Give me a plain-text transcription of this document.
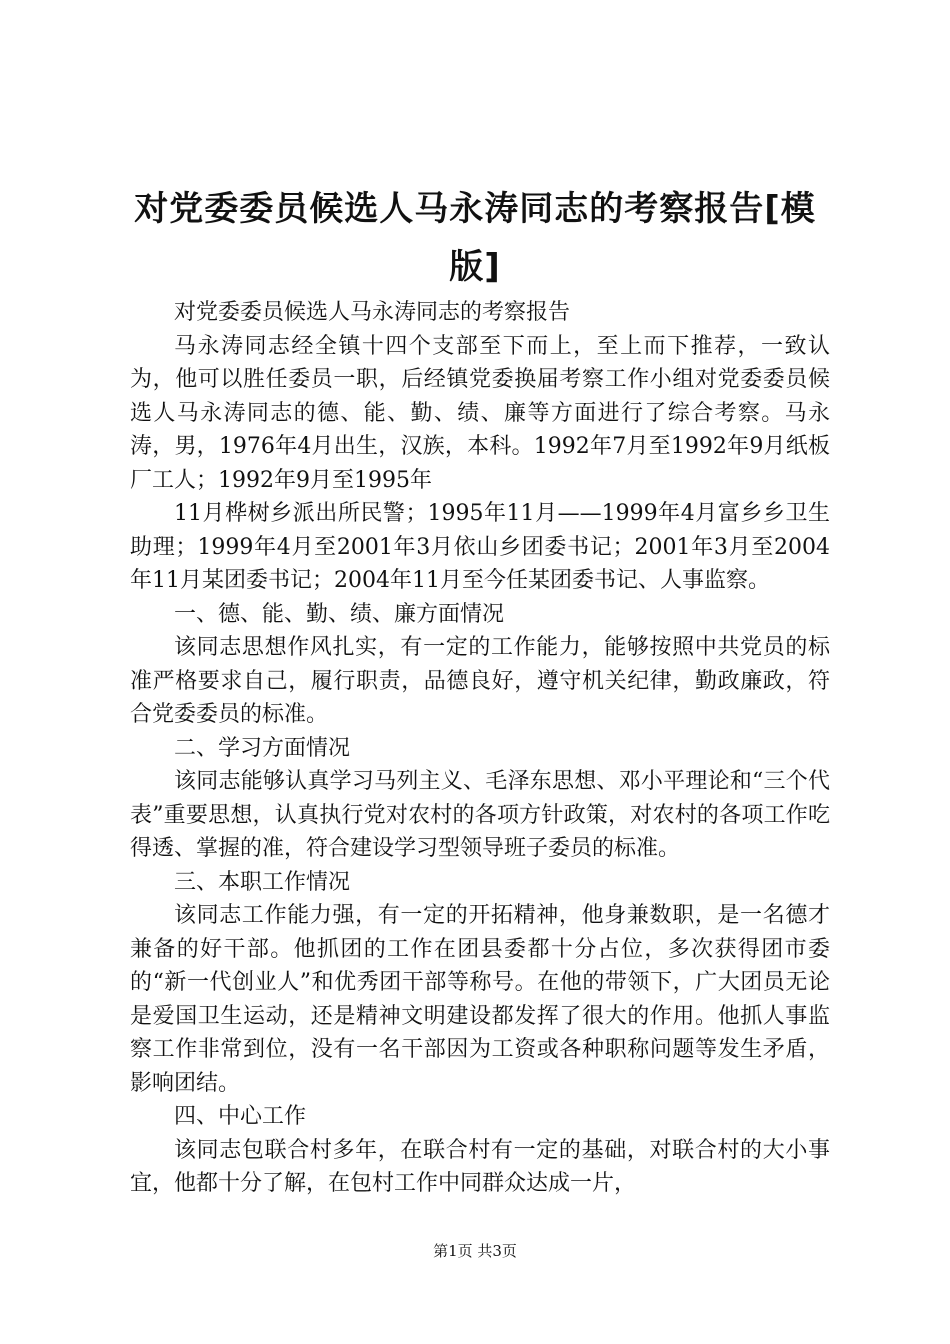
对党委委员候选人马永涛同志的考察报告[模版]

对党委委员候选人马永涛同志的考察报告

马永涛同志经全镇十四个支部至下而上，至上而下推荐，一致认为，他可以胜任委员一职，后经镇党委换届考察工作小组对党委委员候选人马永涛同志的德、能、勤、绩、廉等方面进行了综合考察。马永涛，男，1976年4月出生，汉族，本科。1992年7月至1992年9月纸板厂工人；1992年9月至1995年

11月桦树乡派出所民警；1995年11月——1999年4月富乡乡卫生助理；1999年4月至2001年3月依山乡团委书记；2001年3月至2004年11月某团委书记；2004年11月至今任某团委书记、人事监察。

一、德、能、勤、绩、廉方面情况

该同志思想作风扎实，有一定的工作能力，能够按照中共党员的标准严格要求自己，履行职责，品德良好，遵守机关纪律，勤政廉政，符合党委委员的标准。

二、学习方面情况

该同志能够认真学习马列主义、毛泽东思想、邓小平理论和“三个代表”重要思想，认真执行党对农村的各项方针政策，对农村的各项工作吃得透、掌握的准，符合建设学习型领导班子委员的标准。

三、本职工作情况

该同志工作能力强，有一定的开拓精神，他身兼数职，是一名德才兼备的好干部。他抓团的工作在团县委都十分占位，多次获得团市委的“新一代创业人”和优秀团干部等称号。在他的带领下，广大团员无论是爱国卫生运动，还是精神文明建设都发挥了很大的作用。他抓人事监察工作非常到位，没有一名干部因为工资或各种职称问题等发生矛盾，影响团结。

四、中心工作

该同志包联合村多年，在联合村有一定的基础，对联合村的大小事宜，他都十分了解，在包村工作中同群众达成一片，

第1页 共3页
